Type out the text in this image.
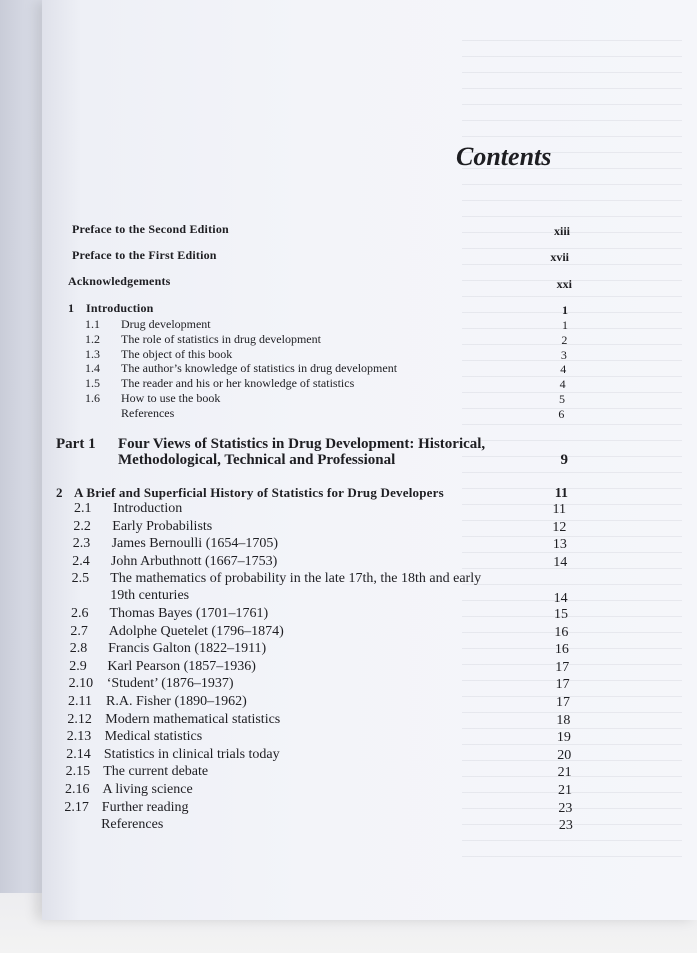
Contents
Preface to the Second Edition	xiii
Preface to the First Edition	xvii
Acknowledgements	xxi
1 Introduction	1
1.1 Drug development	1
1.2 The role of statistics in drug development	2
1.3 The object of this book	3
1.4 The author’s knowledge of statistics in drug development	4
1.5 The reader and his or her knowledge of statistics	4
1.6 How to use the book	5
References	6
Part 1 Four Views of Statistics in Drug Development: Historical,
Methodological, Technical and Professional	9
2 A Brief and Superficial History of Statistics for Drug Developers	11
2.1 Introduction	11
2.2 Early Probabilists	12
2.3 James Bernoulli (1654–1705)	13
2.4 John Arbuthnott (1667–1753)	14
2.5 The mathematics of probability in the late 17th, the 18th and early
19th centuries	14
2.6 Thomas Bayes (1701–1761)	15
2.7 Adolphe Quetelet (1796–1874)	16
2.8 Francis Galton (1822–1911)	16
2.9 Karl Pearson (1857–1936)	17
2.10 ‘Student’ (1876–1937)	17
2.11 R.A. Fisher (1890–1962)	17
2.12 Modern mathematical statistics	18
2.13 Medical statistics	19
2.14 Statistics in clinical trials today	20
2.15 The current debate	21
2.16 A living science	21
2.17 Further reading	23
References	23
